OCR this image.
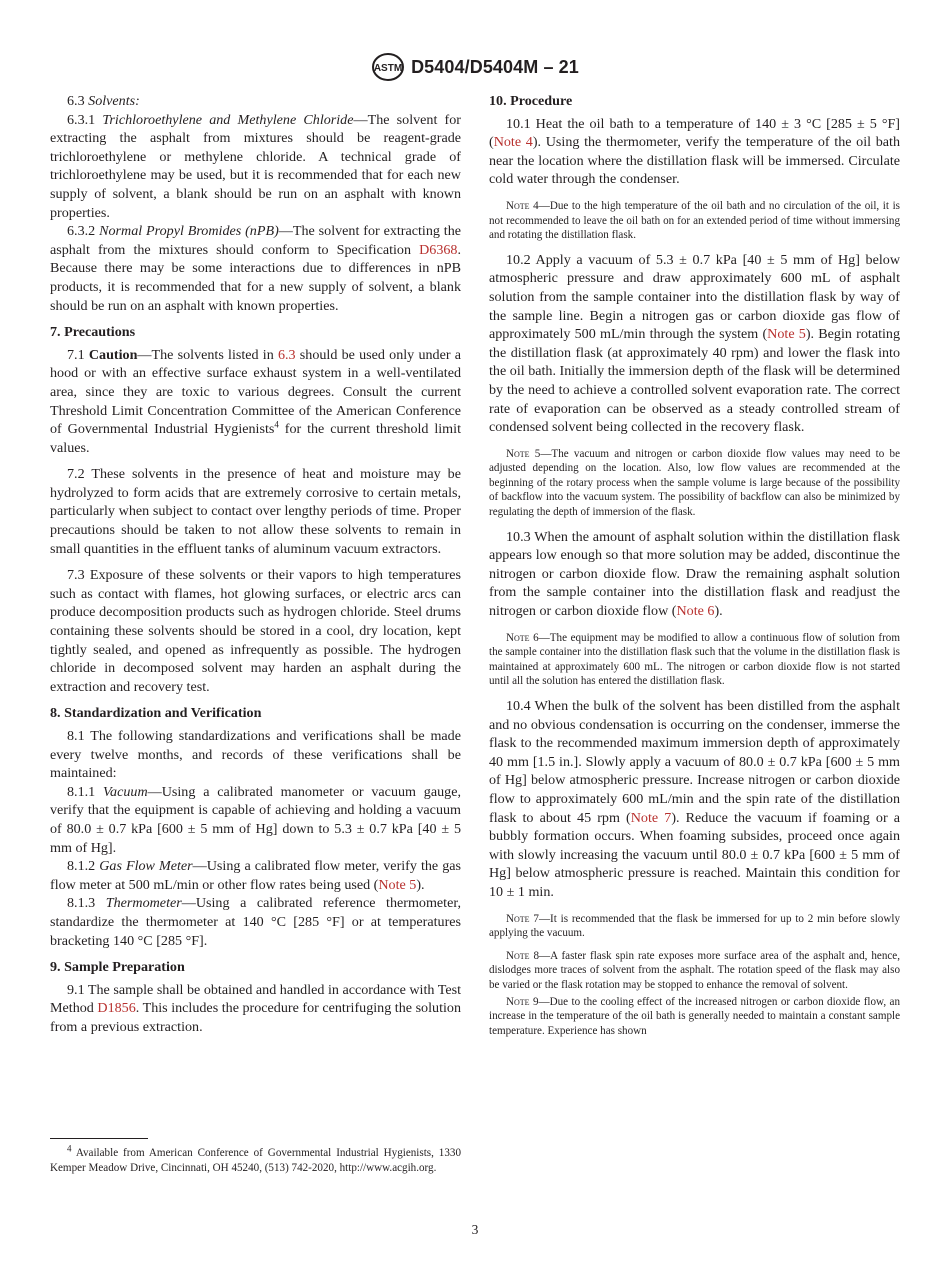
ASTM D5404/D5404M – 21

6.3 Solvents:

6.3.1 Trichloroethylene and Methylene Chloride—The solvent for extracting the asphalt from mixtures should be reagent-grade trichloroethylene or methylene chloride. A technical grade of trichloroethylene may be used, but it is recommended that for each new supply of solvent, a blank should be run on an asphalt with known properties.

6.3.2 Normal Propyl Bromides (nPB)—The solvent for extracting the asphalt from the mixtures should conform to Specification D6368. Because there may be some interactions due to differences in nPB products, it is recommended that for a new supply of solvent, a blank should be run on an asphalt with known properties.

7. Precautions

7.1 Caution—The solvents listed in 6.3 should be used only under a hood or with an effective surface exhaust system in a well-ventilated area, since they are toxic to various degrees. Consult the current Threshold Limit Concentration Committee of the American Conference of Governmental Industrial Hygienists$^4$ for the current threshold limit values.

7.2 These solvents in the presence of heat and moisture may be hydrolyzed to form acids that are extremely corrosive to certain metals, particularly when subject to contact over lengthy periods of time. Proper precautions should be taken to not allow these solvents to remain in small quantities in the effluent tanks of aluminum vacuum extractors.

7.3 Exposure of these solvents or their vapors to high temperatures such as contact with flames, hot glowing surfaces, or electric arcs can produce decomposition products such as hydrogen chloride. Steel drums containing these solvents should be stored in a cool, dry location, kept tightly sealed, and opened as infrequently as possible. The hydrogen chloride in decomposed solvent may harden an asphalt during the extraction and recovery test.

8. Standardization and Verification

8.1 The following standardizations and verifications shall be made every twelve months, and records of these verifications shall be maintained:

8.1.1 Vacuum—Using a calibrated manometer or vacuum gauge, verify that the equipment is capable of achieving and holding a vacuum of 80.0 ± 0.7 kPa [600 ± 5 mm of Hg] down to 5.3 ± 0.7 kPa [40 ± 5 mm of Hg].

8.1.2 Gas Flow Meter—Using a calibrated flow meter, verify the gas flow meter at 500 mL/min or other flow rates being used (Note 5).

8.1.3 Thermometer—Using a calibrated reference thermometer, standardize the thermometer at 140 °C [285 °F] or at temperatures bracketing 140 °C [285 °F].

9. Sample Preparation

9.1 The sample shall be obtained and handled in accordance with Test Method D1856. This includes the procedure for centrifuging the solution from a previous extraction.

10. Procedure

10.1 Heat the oil bath to a temperature of 140 ± 3 °C [285 ± 5 °F] (Note 4). Using the thermometer, verify the temperature of the oil bath near the location where the distillation flask will be immersed. Circulate cold water through the condenser.

Note 4—Due to the high temperature of the oil bath and no circulation of the oil, it is not recommended to leave the oil bath on for an extended period of time without immersing and rotating the distillation flask.

10.2 Apply a vacuum of 5.3 ± 0.7 kPa [40 ± 5 mm of Hg] below atmospheric pressure and draw approximately 600 mL of asphalt solution from the sample container into the distillation flask by way of the sample line. Begin a nitrogen gas or carbon dioxide gas flow of approximately 500 mL/min through the system (Note 5). Begin rotating the distillation flask (at approximately 40 rpm) and lower the flask into the oil bath. Initially the immersion depth of the flask will be determined by the need to achieve a controlled solvent evaporation rate. The correct rate of evaporation can be observed as a steady controlled stream of condensed solvent being collected in the recovery flask.

Note 5—The vacuum and nitrogen or carbon dioxide flow values may need to be adjusted depending on the location. Also, low flow values are recommended at the beginning of the rotary process when the sample volume is large because of the possibility of backflow into the vacuum system. The possibility of backflow can also be minimized by regulating the depth of immersion of the flask.

10.3 When the amount of asphalt solution within the distillation flask appears low enough so that more solution may be added, discontinue the nitrogen or carbon dioxide flow. Draw the remaining asphalt solution from the sample container into the distillation flask and readjust the nitrogen or carbon dioxide flow (Note 6).

Note 6—The equipment may be modified to allow a continuous flow of solution from the sample container into the distillation flask such that the volume in the distillation flask is maintained at approximately 600 mL. The nitrogen or carbon dioxide flow is not started until all the solution has entered the distillation flask.

10.4 When the bulk of the solvent has been distilled from the asphalt and no obvious condensation is occurring on the condenser, immerse the flask to the recommended maximum immersion depth of approximately 40 mm [1.5 in.]. Slowly apply a vacuum of 80.0 ± 0.7 kPa [600 ± 5 mm of Hg] below atmospheric pressure. Increase nitrogen or carbon dioxide flow to approximately 600 mL/min and the spin rate of the distillation flask to about 45 rpm (Note 7). Reduce the vacuum if foaming or a bubbly formation occurs. When foaming subsides, proceed once again with slowly increasing the vacuum until 80.0 ± 0.7 kPa [600 ± 5 mm of Hg] below atmospheric pressure is reached. Maintain this condition for 10 ± 1 min.

Note 7—It is recommended that the flask be immersed for up to 2 min before slowly applying the vacuum.

Note 8—A faster flask spin rate exposes more surface area of the asphalt and, hence, dislodges more traces of solvent from the asphalt. The rotation speed of the flask may also be varied or the flask rotation may be stopped to enhance the removal of solvent.

Note 9—Due to the cooling effect of the increased nitrogen or carbon dioxide flow, an increase in the temperature of the oil bath is generally needed to maintain a constant sample temperature. Experience has shown

$^4$ Available from American Conference of Governmental Industrial Hygienists, 1330 Kemper Meadow Drive, Cincinnati, OH 45240, (513) 742-2020, http://www.acgih.org.
3
